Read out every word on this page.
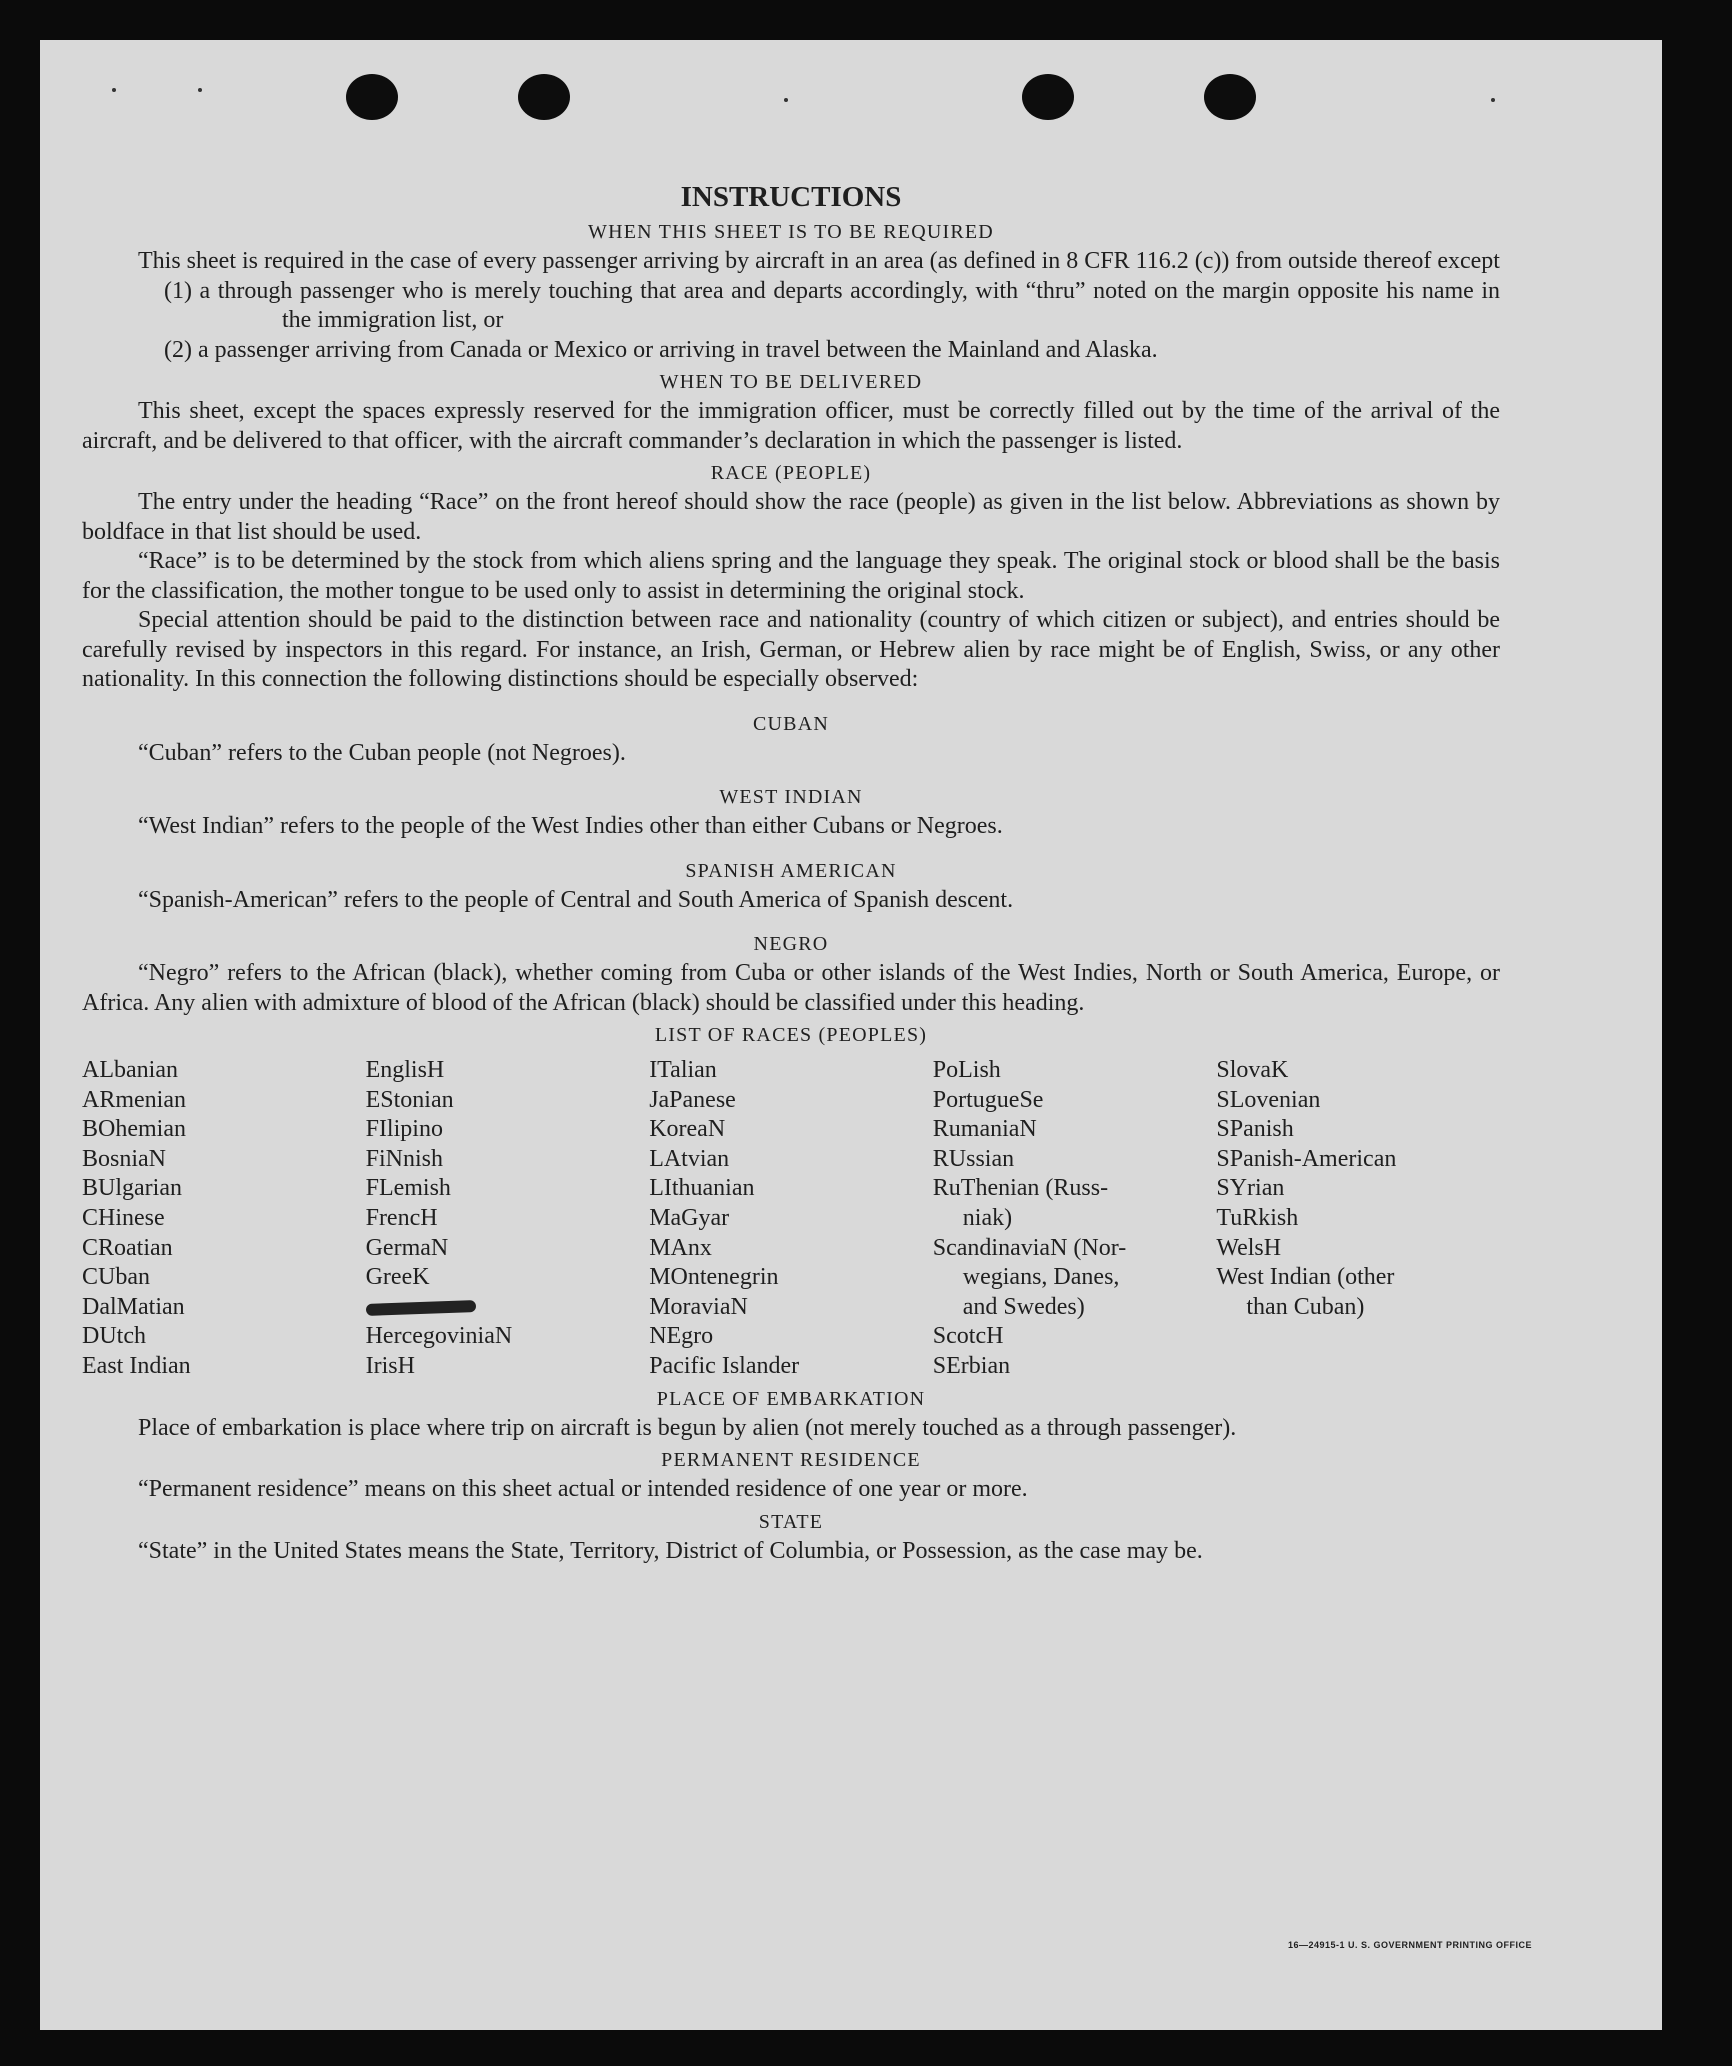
INSTRUCTIONS
WHEN THIS SHEET IS TO BE REQUIRED

This sheet is required in the case of every passenger arriving by aircraft in an area (as defined in 8 CFR 116.2 (c)) from outside thereof except

(1) a through passenger who is merely touching that area and departs accordingly, with “thru” noted on the margin opposite his name in the immigration list, or

(2) a passenger arriving from Canada or Mexico or arriving in travel between the Mainland and Alaska.

WHEN TO BE DELIVERED

This sheet, except the spaces expressly reserved for the immigration officer, must be correctly filled out by the time of the arrival of the aircraft, and be delivered to that officer, with the aircraft commander’s declaration in which the passenger is listed.

RACE (PEOPLE)

The entry under the heading “Race” on the front hereof should show the race (people) as given in the list below. Abbreviations as shown by boldface in that list should be used.

“Race” is to be determined by the stock from which aliens spring and the language they speak. The original stock or blood shall be the basis for the classification, the mother tongue to be used only to assist in determining the original stock.

Special attention should be paid to the distinction between race and nationality (country of which citizen or subject), and entries should be carefully revised by inspectors in this regard. For instance, an Irish, German, or Hebrew alien by race might be of English, Swiss, or any other nationality. In this connection the following distinctions should be especially observed:

CUBAN

“Cuban” refers to the Cuban people (not Negroes).

WEST INDIAN

“West Indian” refers to the people of the West Indies other than either Cubans or Negroes.

SPANISH AMERICAN

“Spanish-American” refers to the people of Central and South America of Spanish descent.

NEGRO

“Negro” refers to the African (black), whether coming from Cuba or other islands of the West Indies, North or South America, Europe, or Africa. Any alien with admixture of blood of the African (black) should be classified under this heading.

LIST OF RACES (PEOPLES)
ALbanian
ARmenian
BOhemian
BosniaN
BUlgarian
CHinese
CRoatian
CUban
DalMatian
DUtch
East Indian
EnglisH
EStonian
FIlipino
FiNnish
FLemish
FrencH
GermaN
GreeK
HercegoviniaN
IrisH
ITalian
JaPanese
KoreaN
LAtvian
LIthuanian
MaGyar
MAnx
MOntenegrin
MoraviaN
NEgro
Pacific Islander
PoLish
PortugueSe
RumaniaN
RUssian
RuThenian (Russ-
niak)
ScandinaviaN (Nor-
wegians, Danes,
and Swedes)
ScotcH
SErbian
SlovaK
SLovenian
SPanish
SPanish-American
SYrian
TuRkish
WelsH
West Indian (other
than Cuban)
PLACE OF EMBARKATION

Place of embarkation is place where trip on aircraft is begun by alien (not merely touched as a through passenger).

PERMANENT RESIDENCE

“Permanent residence” means on this sheet actual or intended residence of one year or more.

STATE

“State” in the United States means the State, Territory, District of Columbia, or Possession, as the case may be.

16—24915-1 U. S. GOVERNMENT PRINTING OFFICE
